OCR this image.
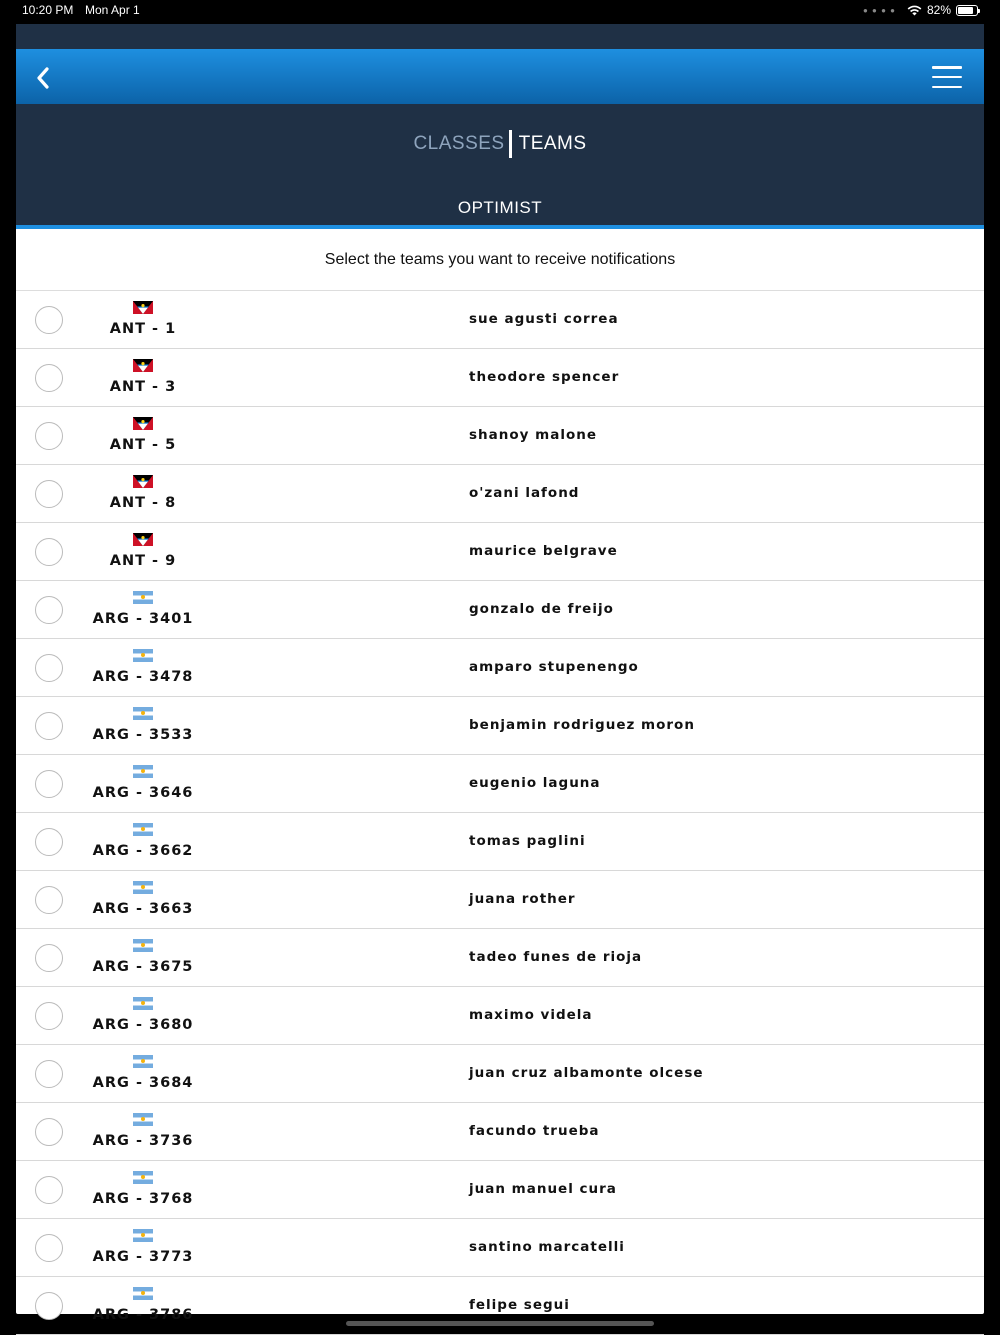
10:20 PM Mon Apr 1	● ● ● ●	82%
CLASSES TEAMS
OPTIMIST
Select the teams you want to receive notifications
ANT - 1
sue agusti correa
ANT - 3
theodore spencer
ANT - 5
shanoy malone
ANT - 8
o'zani lafond
ANT - 9
maurice belgrave
ARG - 3401
gonzalo de freijo
ARG - 3478
amparo stupenengo
ARG - 3533
benjamin rodriguez moron
ARG - 3646
eugenio laguna
ARG - 3662
tomas paglini
ARG - 3663
juana rother
ARG - 3675
tadeo funes de rioja
ARG - 3680
maximo videla
ARG - 3684
juan cruz albamonte olcese
ARG - 3736
facundo trueba
ARG - 3768
juan manuel cura
ARG - 3773
santino marcatelli
ARG - 3786
felipe segui
